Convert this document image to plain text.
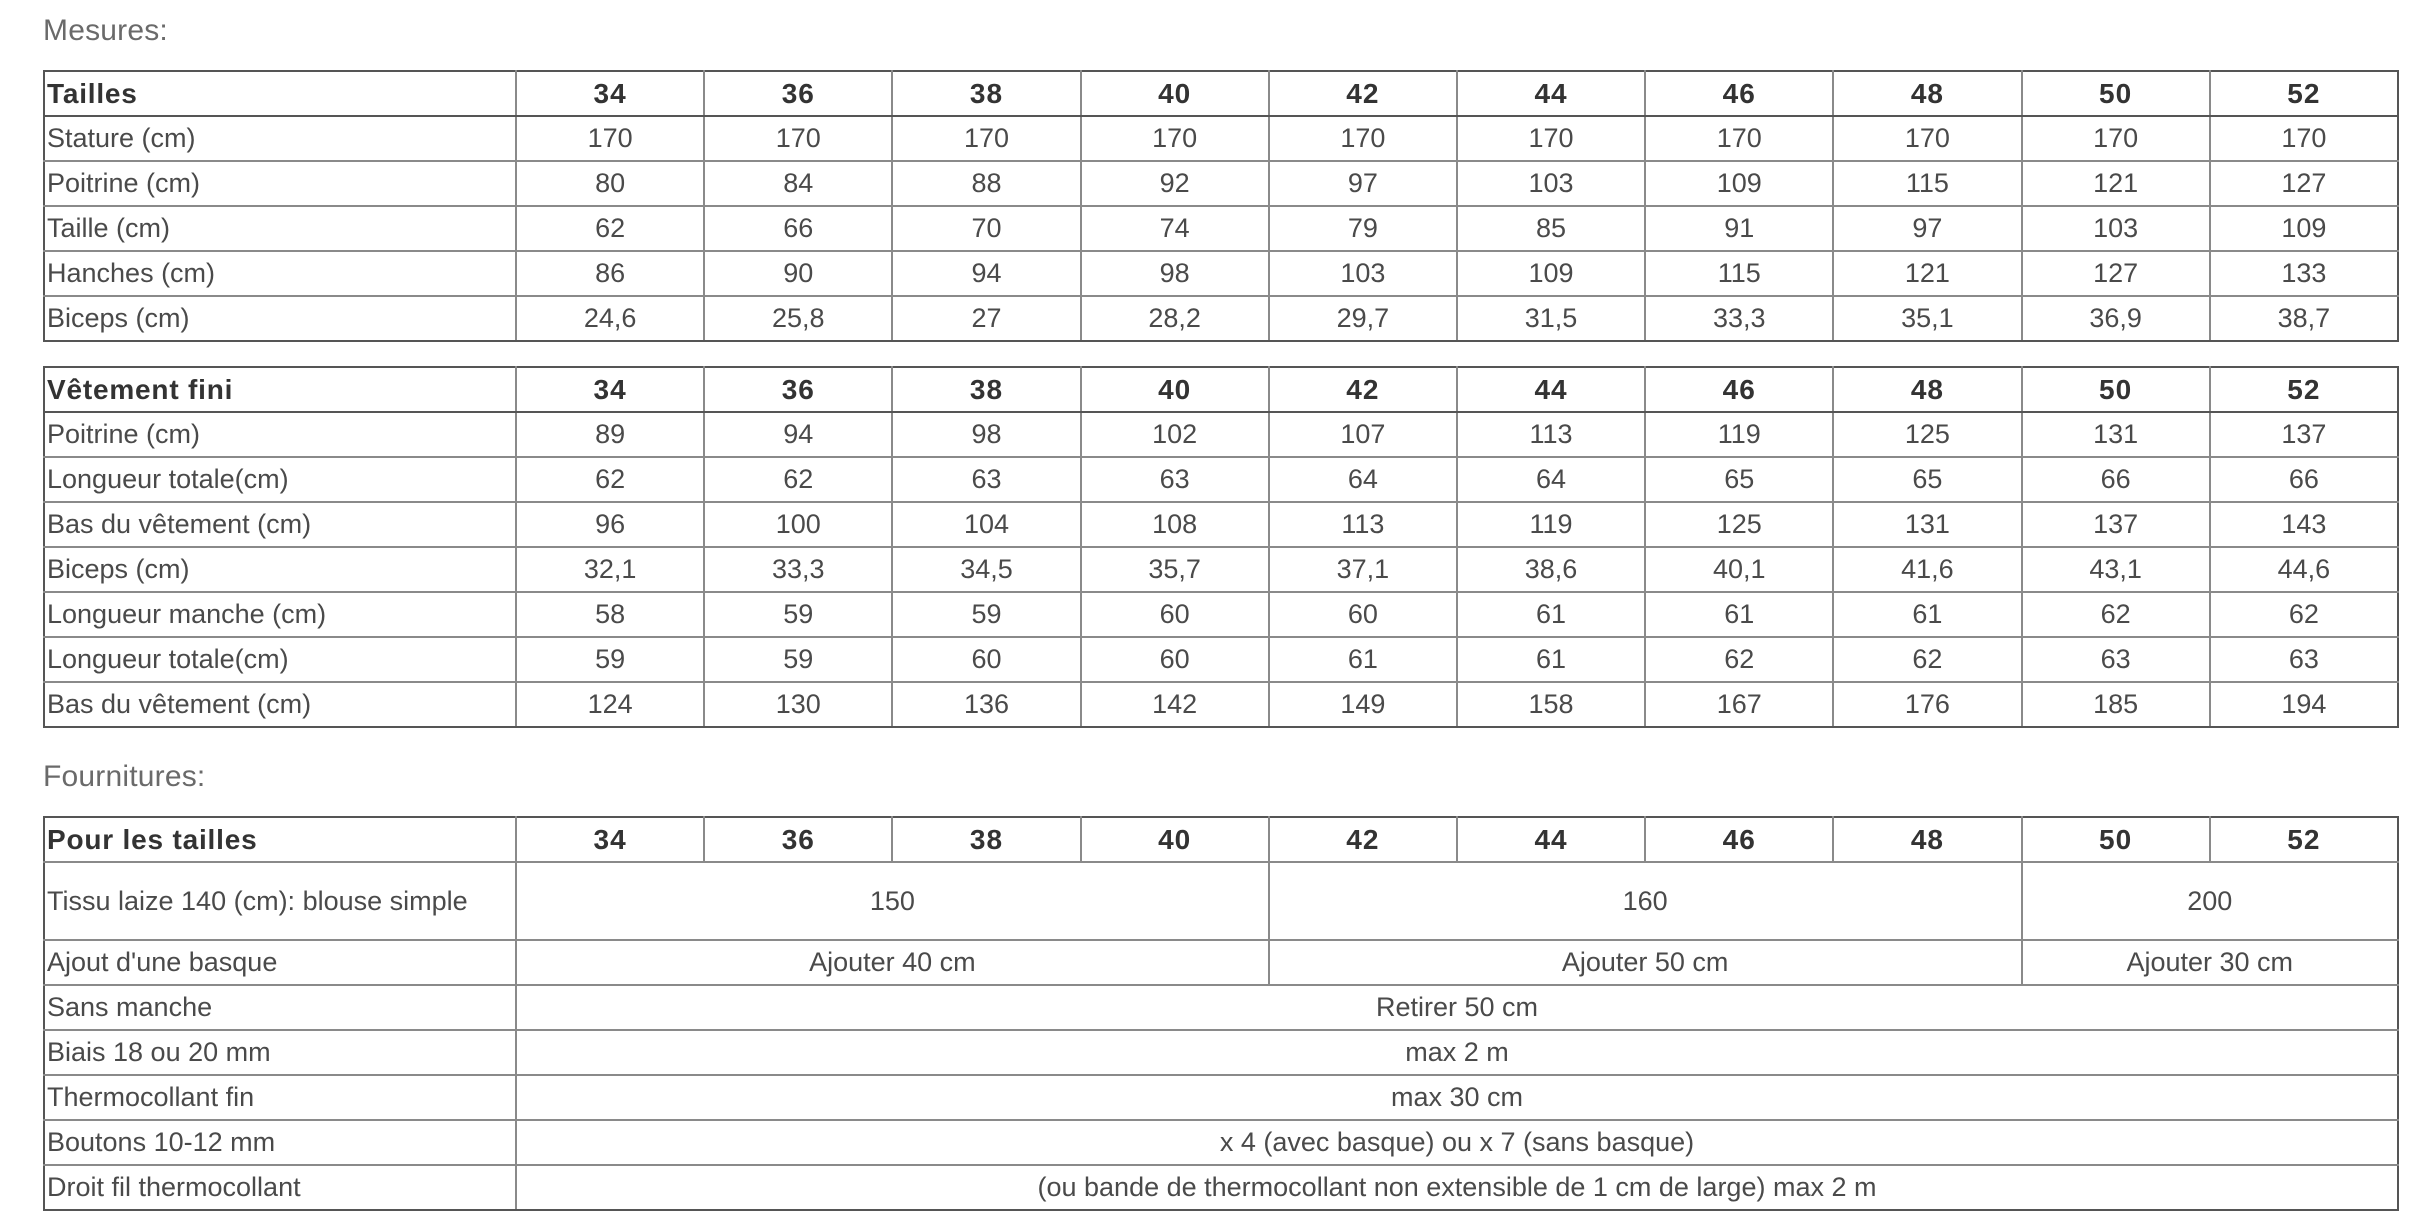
Mesures:
Tailles	34	36	38	40	42	44	46	48	50	52
Stature (cm)	170	170	170	170	170	170	170	170	170	170
Poitrine (cm)	80	84	88	92	97	103	109	115	121	127
Taille (cm)	62	66	70	74	79	85	91	97	103	109
Hanches (cm)	86	90	94	98	103	109	115	121	127	133
Biceps (cm)	24,6	25,8	27	28,2	29,7	31,5	33,3	35,1	36,9	38,7
Vêtement fini	34	36	38	40	42	44	46	48	50	52
Poitrine (cm)	89	94	98	102	107	113	119	125	131	137
Longueur totale(cm)	62	62	63	63	64	64	65	65	66	66
Bas du vêtement (cm)	96	100	104	108	113	119	125	131	137	143
Biceps (cm)	32,1	33,3	34,5	35,7	37,1	38,6	40,1	41,6	43,1	44,6
Longueur manche (cm)	58	59	59	60	60	61	61	61	62	62
Longueur totale(cm)	59	59	60	60	61	61	62	62	63	63
Bas du vêtement (cm)	124	130	136	142	149	158	167	176	185	194
Fournitures:
Pour les tailles	34	36	38	40	42	44	46	48	50	52
Tissu laize 140 (cm): blouse simple	150				160				200	
Ajout d'une basque	Ajouter 40 cm				Ajouter 50 cm				Ajouter 30 cm	
Sans manche	Retirer 50 cm									
Biais 18 ou 20 mm	max 2 m									
Thermocollant fin	max 30 cm									
Boutons 10-12 mm	x 4 (avec basque) ou x 7 (sans basque)									
Droit fil thermocollant	(ou bande de thermocollant non extensible de 1 cm de large) max 2 m									
